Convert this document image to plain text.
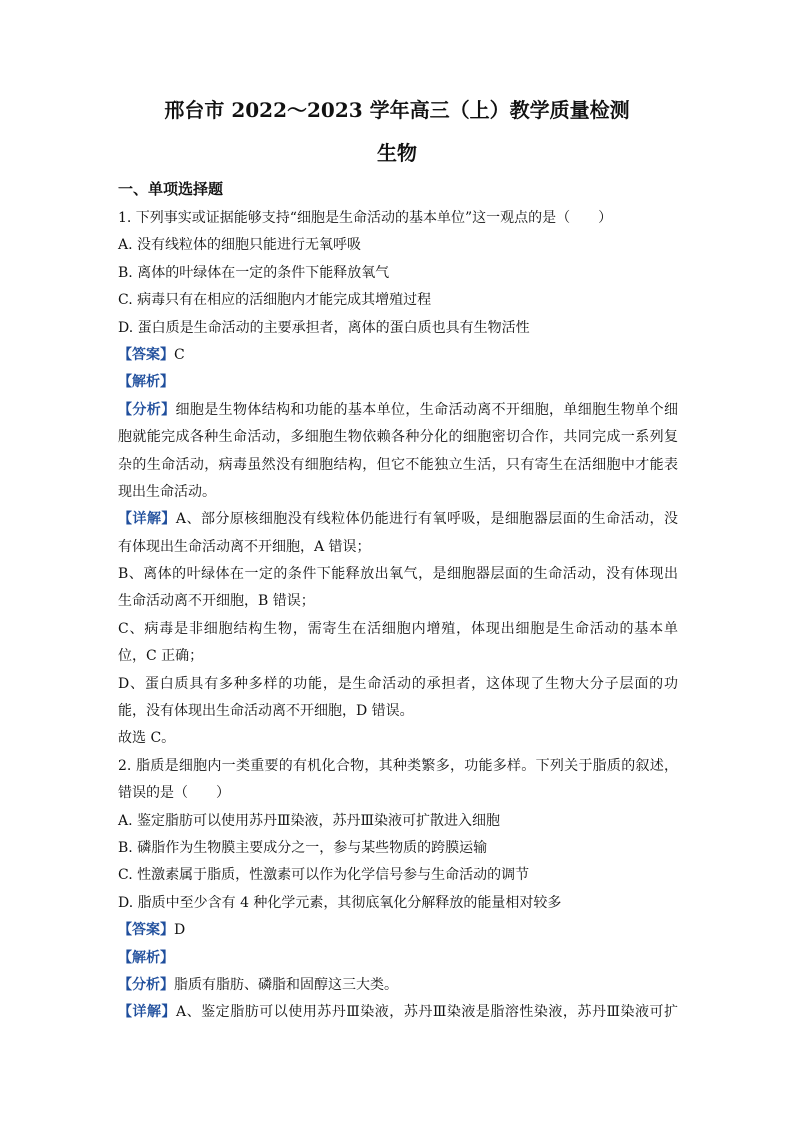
邢台市 2022～2023 学年高三（上）教学质量检测
生物
一、单项选择题
1. 下列事实或证据能够支持“细胞是生命活动的基本单位”这一观点的是（　　）
A. 没有线粒体的细胞只能进行无氧呼吸
B. 离体的叶绿体在一定的条件下能释放氧气
C. 病毒只有在相应的活细胞内才能完成其增殖过程
D. 蛋白质是生命活动的主要承担者，离体的蛋白质也具有生物活性
【答案】C
【解析】
【分析】细胞是生物体结构和功能的基本单位，生命活动离不开细胞，单细胞生物单个细
胞就能完成各种生命活动，多细胞生物依赖各种分化的细胞密切合作，共同完成一系列复
杂的生命活动，病毒虽然没有细胞结构，但它不能独立生活，只有寄生在活细胞中才能表
现出生命活动。
【详解】A、部分原核细胞没有线粒体仍能进行有氧呼吸，是细胞器层面的生命活动，没
有体现出生命活动离不开细胞，A 错误；
B、离体的叶绿体在一定的条件下能释放出氧气，是细胞器层面的生命活动，没有体现出
生命活动离不开细胞，B 错误；
C、病毒是非细胞结构生物，需寄生在活细胞内增殖，体现出细胞是生命活动的基本单
位，C 正确；
D、蛋白质具有多种多样的功能，是生命活动的承担者，这体现了生物大分子层面的功
能，没有体现出生命活动离不开细胞，D 错误。
故选 C。
2. 脂质是细胞内一类重要的有机化合物，其种类繁多，功能多样。下列关于脂质的叙述，
错误的是（　　）
A. 鉴定脂肪可以使用苏丹Ⅲ染液，苏丹Ⅲ染液可扩散进入细胞
B. 磷脂作为生物膜主要成分之一，参与某些物质的跨膜运输
C. 性激素属于脂质，性激素可以作为化学信号参与生命活动的调节
D. 脂质中至少含有 4 种化学元素，其彻底氧化分解释放的能量相对较多
【答案】D
【解析】
【分析】脂质有脂肪、磷脂和固醇这三大类。
【详解】A、鉴定脂肪可以使用苏丹Ⅲ染液，苏丹Ⅲ染液是脂溶性染液，苏丹Ⅲ染液可扩
